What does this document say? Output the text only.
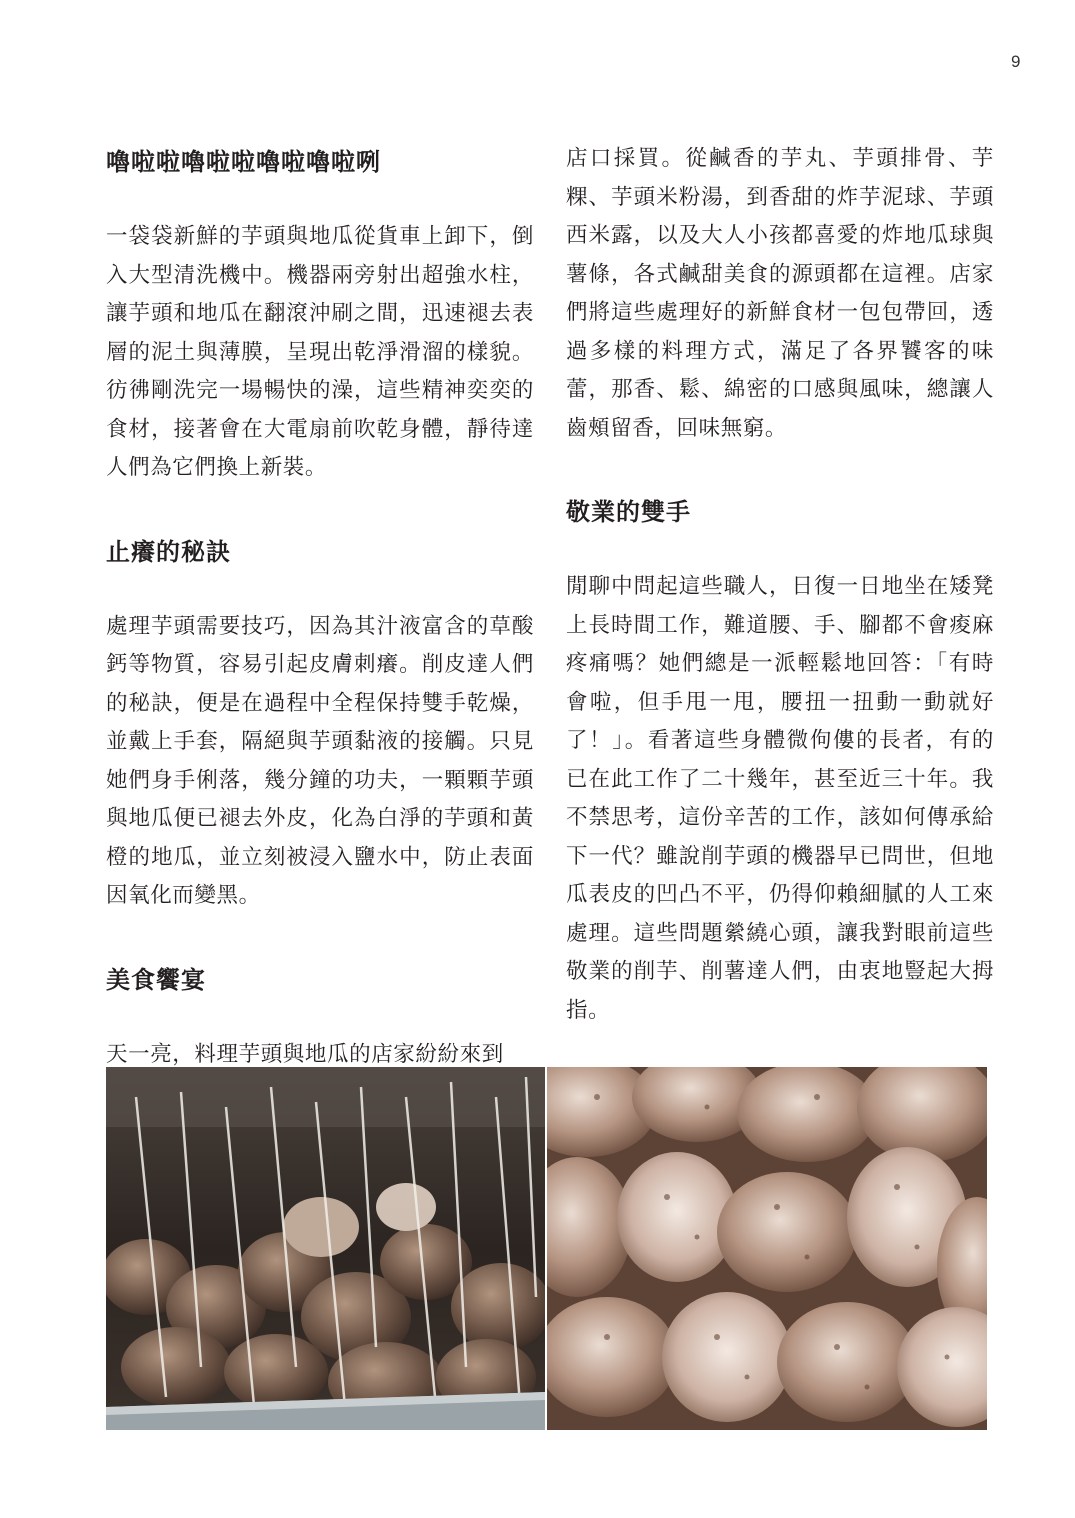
9
嚕啦啦嚕啦啦嚕啦嚕啦咧

一袋袋新鮮的芋頭與地瓜從貨車上卸下，倒入大型清洗機中。機器兩旁射出超強水柱，讓芋頭和地瓜在翻滾沖刷之間，迅速褪去表層的泥土與薄膜，呈現出乾淨滑溜的樣貌。彷彿剛洗完一場暢快的澡，這些精神奕奕的食材，接著會在大電扇前吹乾身體，靜待達人們為它們換上新裝。

止癢的秘訣

處理芋頭需要技巧，因為其汁液富含的草酸鈣等物質，容易引起皮膚刺癢。削皮達人們的秘訣，便是在過程中全程保持雙手乾燥，並戴上手套，隔絕與芋頭黏液的接觸。只見她們身手俐落，幾分鐘的功夫，一顆顆芋頭與地瓜便已褪去外皮，化為白淨的芋頭和黃橙的地瓜，並立刻被浸入鹽水中，防止表面因氧化而變黑。

美食饗宴

天一亮，料理芋頭與地瓜的店家紛紛來到

店口採買。從鹹香的芋丸、芋頭排骨、芋粿、芋頭米粉湯，到香甜的炸芋泥球、芋頭西米露，以及大人小孩都喜愛的炸地瓜球與薯條，各式鹹甜美食的源頭都在這裡。店家們將這些處理好的新鮮食材一包包帶回，透過多樣的料理方式，滿足了各界饕客的味蕾，那香、鬆、綿密的口感與風味，總讓人齒頰留香，回味無窮。

敬業的雙手

閒聊中問起這些職人，日復一日地坐在矮凳上長時間工作，難道腰、手、腳都不會痠麻疼痛嗎？她們總是一派輕鬆地回答：「有時會啦，但手甩一甩，腰扭一扭動一動就好了！」。看著這些身體微佝僂的長者，有的已在此工作了二十幾年，甚至近三十年。我不禁思考，這份辛苦的工作，該如何傳承給下一代？雖說削芋頭的機器早已問世，但地瓜表皮的凹凸不平，仍得仰賴細膩的人工來處理。這些問題縈繞心頭，讓我對眼前這些敬業的削芋、削薯達人們，由衷地豎起大拇指。
